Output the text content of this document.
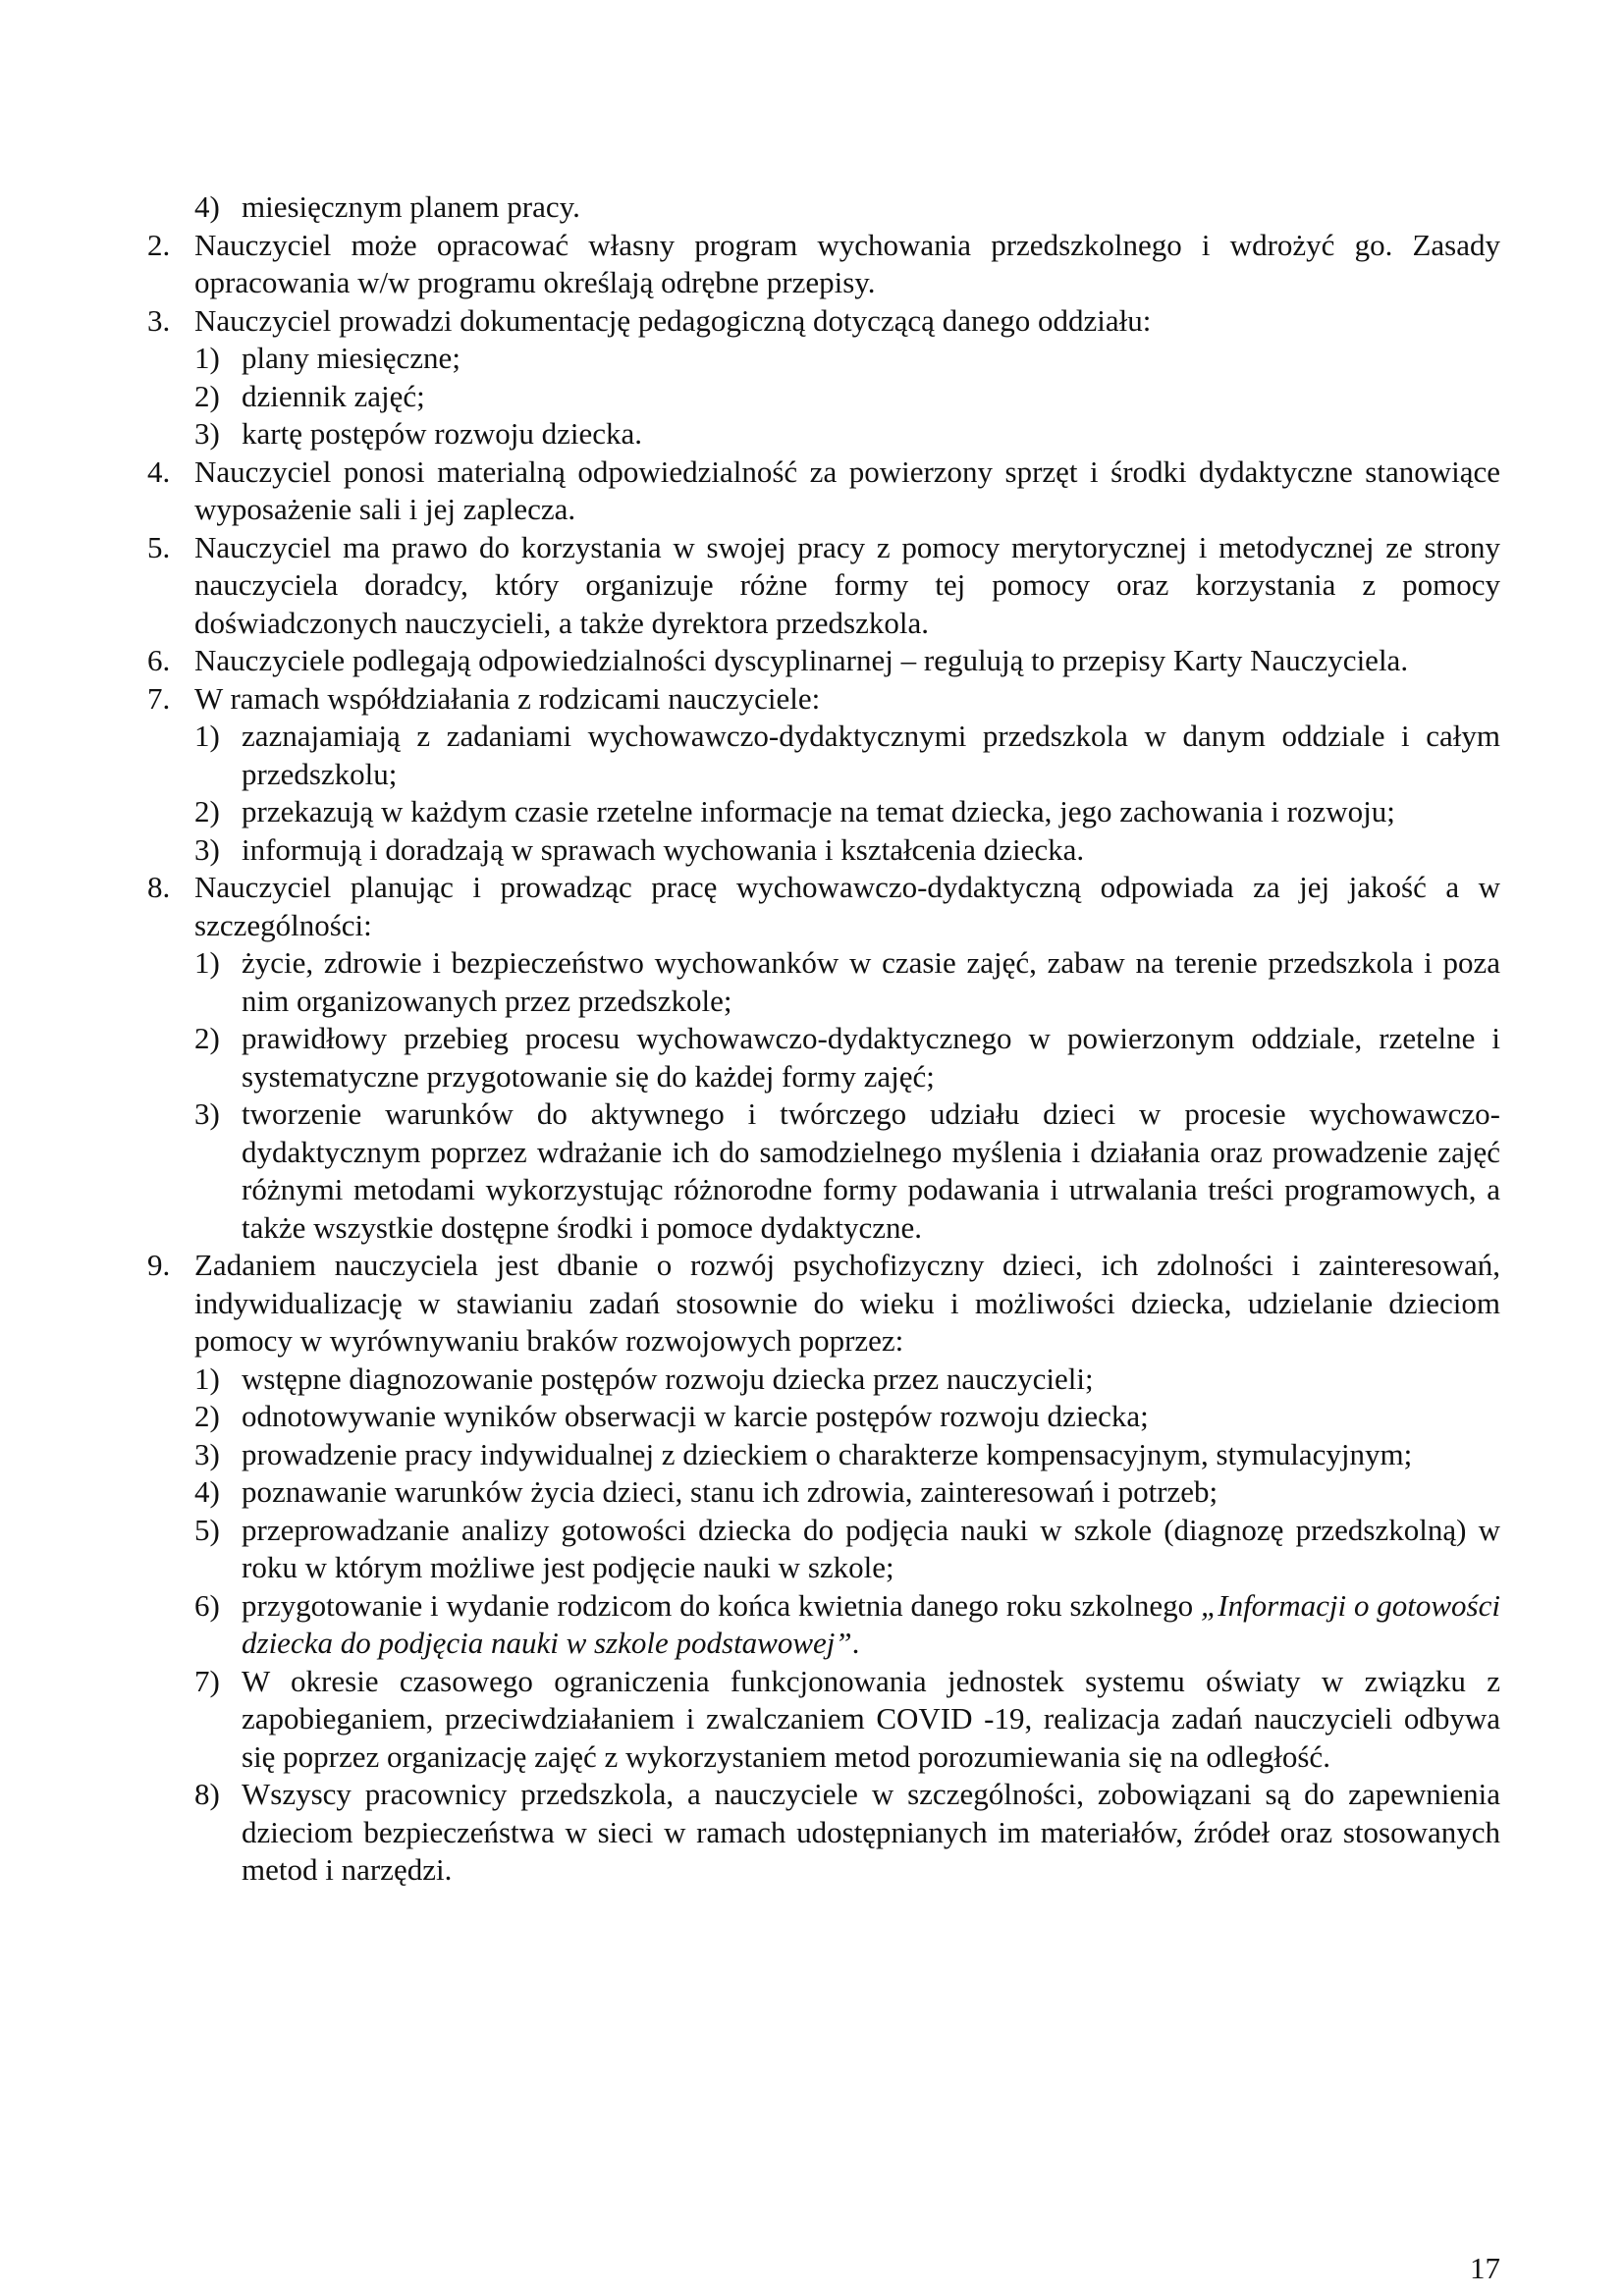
4) miesięcznym planem pracy.
2. Nauczyciel może opracować własny program wychowania przedszkolnego i wdrożyć go. Zasady opracowania w/w programu określają odrębne przepisy.
3. Nauczyciel prowadzi dokumentację pedagogiczną dotyczącą danego oddziału:
1) plany miesięczne;
2) dziennik zajęć;
3) kartę postępów rozwoju dziecka.
4. Nauczyciel ponosi materialną odpowiedzialność za powierzony sprzęt i środki dydaktyczne stanowiące wyposażenie sali i jej zaplecza.
5. Nauczyciel ma prawo do korzystania w swojej pracy z pomocy merytorycznej i metodycznej ze strony nauczyciela doradcy, który organizuje różne formy tej pomocy oraz korzystania z pomocy doświadczonych nauczycieli, a także dyrektora przedszkola.
6. Nauczyciele podlegają odpowiedzialności dyscyplinarnej – regulują to przepisy Karty Nauczyciela.
7. W ramach współdziałania z rodzicami nauczyciele:
1) zaznajamiają z zadaniami wychowawczo-dydaktycznymi przedszkola w danym oddziale i całym przedszkolu;
2) przekazują w każdym czasie rzetelne informacje na temat dziecka, jego zachowania i rozwoju;
3) informują i doradzają w sprawach wychowania i kształcenia dziecka.
8. Nauczyciel planując i prowadząc pracę wychowawczo-dydaktyczną odpowiada za jej jakość a w szczególności:
1) życie, zdrowie i bezpieczeństwo wychowanków w czasie zajęć, zabaw na terenie przedszkola i poza nim organizowanych przez przedszkole;
2) prawidłowy przebieg procesu wychowawczo-dydaktycznego w powierzonym oddziale, rzetelne i systematyczne przygotowanie się do każdej formy zajęć;
3) tworzenie warunków do aktywnego i twórczego udziału dzieci w procesie wychowawczo-dydaktycznym poprzez wdrażanie ich do samodzielnego myślenia i działania oraz prowadzenie zajęć różnymi metodami wykorzystując różnorodne formy podawania i utrwalania treści programowych, a także wszystkie dostępne środki i pomoce dydaktyczne.
9. Zadaniem nauczyciela jest dbanie o rozwój psychofizyczny dzieci, ich zdolności i zainteresowań, indywidualizację w stawianiu zadań stosownie do wieku i możliwości dziecka, udzielanie dzieciom pomocy w wyrównywaniu braków rozwojowych poprzez:
1) wstępne diagnozowanie postępów rozwoju dziecka przez nauczycieli;
2) odnotowywanie wyników obserwacji w karcie postępów rozwoju dziecka;
3) prowadzenie pracy indywidualnej z dzieckiem o charakterze kompensacyjnym, stymulacyjnym;
4) poznawanie warunków życia dzieci, stanu ich zdrowia, zainteresowań i potrzeb;
5) przeprowadzanie analizy gotowości dziecka do podjęcia nauki w szkole (diagnozę przedszkolną) w roku w którym możliwe jest podjęcie nauki w szkole;
6) przygotowanie i wydanie rodzicom do końca kwietnia danego roku szkolnego „Informacji o gotowości dziecka do podjęcia nauki w szkole podstawowej”.
7) W okresie czasowego ograniczenia funkcjonowania jednostek systemu oświaty w związku z zapobieganiem, przeciwdziałaniem i zwalczaniem COVID -19, realizacja zadań nauczycieli odbywa się poprzez organizację zajęć z wykorzystaniem metod porozumiewania się na odległość.
8) Wszyscy pracownicy przedszkola, a nauczyciele w szczególności, zobowiązani są do zapewnienia dzieciom bezpieczeństwa w sieci w ramach udostępnianych im materiałów, źródeł oraz stosowanych metod i narzędzi.
17
